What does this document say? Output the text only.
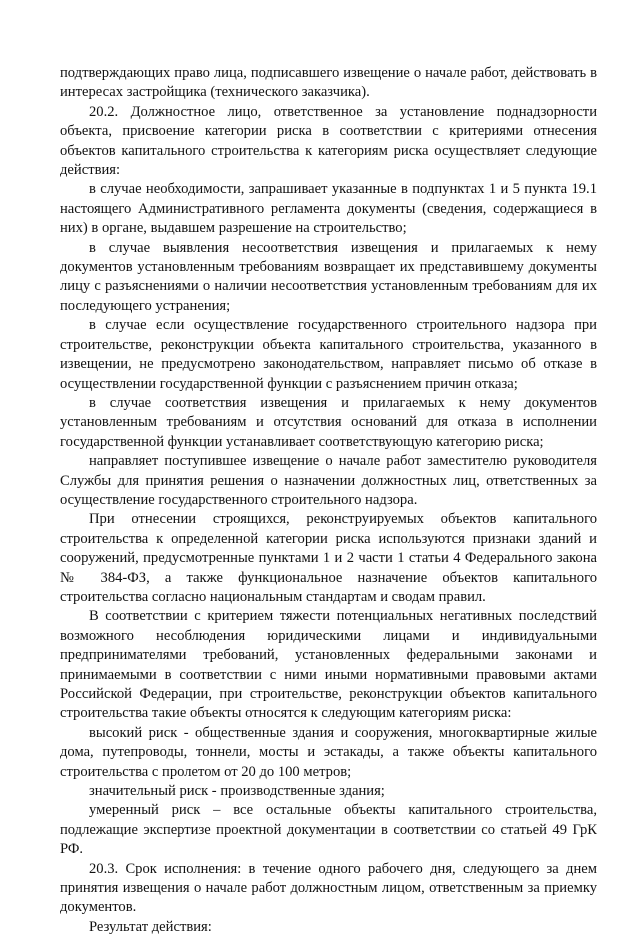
подтверждающих право лица, подписавшего извещение о начале работ, действовать в интересах застройщика (технического заказчика).

20.2. Должностное лицо, ответственное за установление поднадзорности объекта, присвоение категории риска в соответствии с критериями отнесения объектов капитального строительства к категориям риска осуществляет следующие действия:

в случае необходимости, запрашивает указанные в подпунктах 1 и 5 пункта 19.1 настоящего Административного регламента документы (сведения, содержащиеся в них) в органе, выдавшем разрешение на строительство;

в случае выявления несоответствия извещения и прилагаемых к нему документов установленным требованиям возвращает их представившему документы лицу с разъяснениями о наличии несоответствия установленным требованиям для их последующего устранения;

в случае если осуществление государственного строительного надзора при строительстве, реконструкции объекта капитального строительства, указанного в извещении, не предусмотрено законодательством, направляет письмо об отказе в осуществлении государственной функции с разъяснением причин отказа;

в случае соответствия извещения и прилагаемых к нему документов установленным требованиям и отсутствия оснований для отказа в исполнении государственной функции устанавливает соответствующую категорию риска;

направляет поступившее извещение о начале работ заместителю руководителя Службы для принятия решения о назначении должностных лиц, ответственных за осуществление государственного строительного надзора.

При отнесении строящихся, реконструируемых объектов капитального строительства к определенной категории риска используются признаки зданий и сооружений, предусмотренные пунктами 1 и 2 части 1 статьи 4 Федерального закона № 384-ФЗ, а также функциональное назначение объектов капитального строительства согласно национальным стандартам и сводам правил.

В соответствии с критерием тяжести потенциальных негативных последствий возможного несоблюдения юридическими лицами и индивидуальными предпринимателями требований, установленных федеральными законами и принимаемыми в соответствии с ними иными нормативными правовыми актами Российской Федерации, при строительстве, реконструкции объектов капитального строительства такие объекты относятся к следующим категориям риска:

высокий риск - общественные здания и сооружения, многоквартирные жилые дома, путепроводы, тоннели, мосты и эстакады, а также объекты капитального строительства с пролетом от 20 до 100 метров;

значительный риск - производственные здания;

умеренный риск – все остальные объекты капитального строительства, подлежащие экспертизе проектной документации в соответствии со статьей 49 ГрК РФ.

20.3. Срок исполнения: в течение одного рабочего дня, следующего за днем принятия извещения о начале работ должностным лицом, ответственным за приемку документов.

Результат действия:
